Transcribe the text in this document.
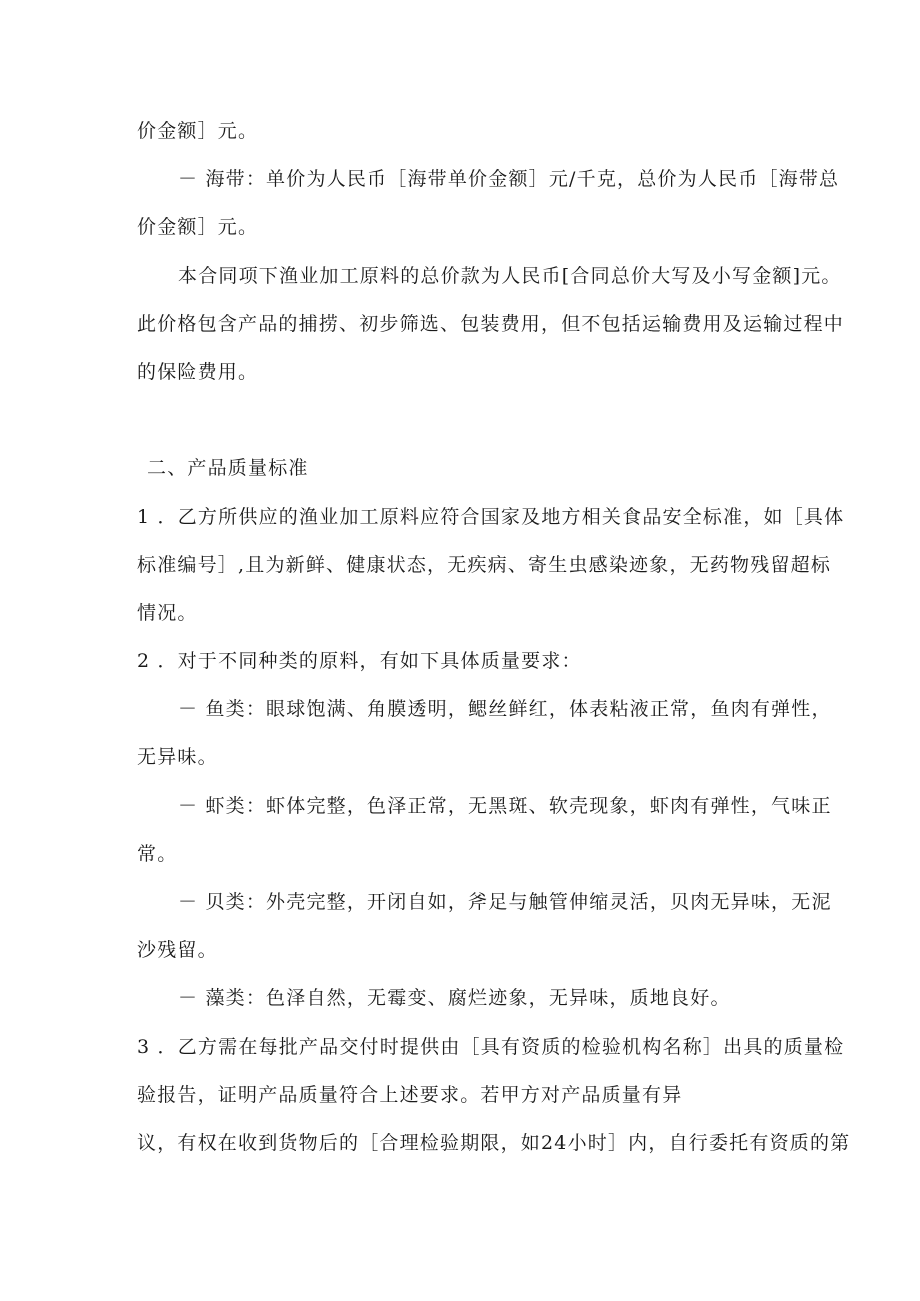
价金额］元。
－ 海带：单价为人民币［海带单价金额］元/千克，总价为人民币［海带总
价金额］元。
本合同项下渔业加工原料的总价款为人民币[合同总价大写及小写金额]元。
此价格包含产品的捕捞、初步筛选、包装费用，但不包括运输费用及运输过程中
的保险费用。
二、产品质量标准
1 ．乙方所供应的渔业加工原料应符合国家及地方相关食品安全标准，如［具体
标准编号］,且为新鲜、健康状态，无疾病、寄生虫感染迹象，无药物残留超标
情况。
2 ．对于不同种类的原料，有如下具体质量要求：
－ 鱼类：眼球饱满、角膜透明，鳃丝鲜红，体表粘液正常，鱼肉有弹性，
无异味。
－ 虾类：虾体完整，色泽正常，无黑斑、软壳现象，虾肉有弹性，气味正
常。
－ 贝类：外壳完整，开闭自如，斧足与触管伸缩灵活，贝肉无异味，无泥
沙残留。
－ 藻类：色泽自然，无霉变、腐烂迹象，无异味，质地良好。
3 ．乙方需在每批产品交付时提供由［具有资质的检验机构名称］出具的质量检
验报告，证明产品质量符合上述要求。若甲方对产品质量有异
议，有权在收到货物后的［合理检验期限，如24小时］内，自行委托有资质的第
